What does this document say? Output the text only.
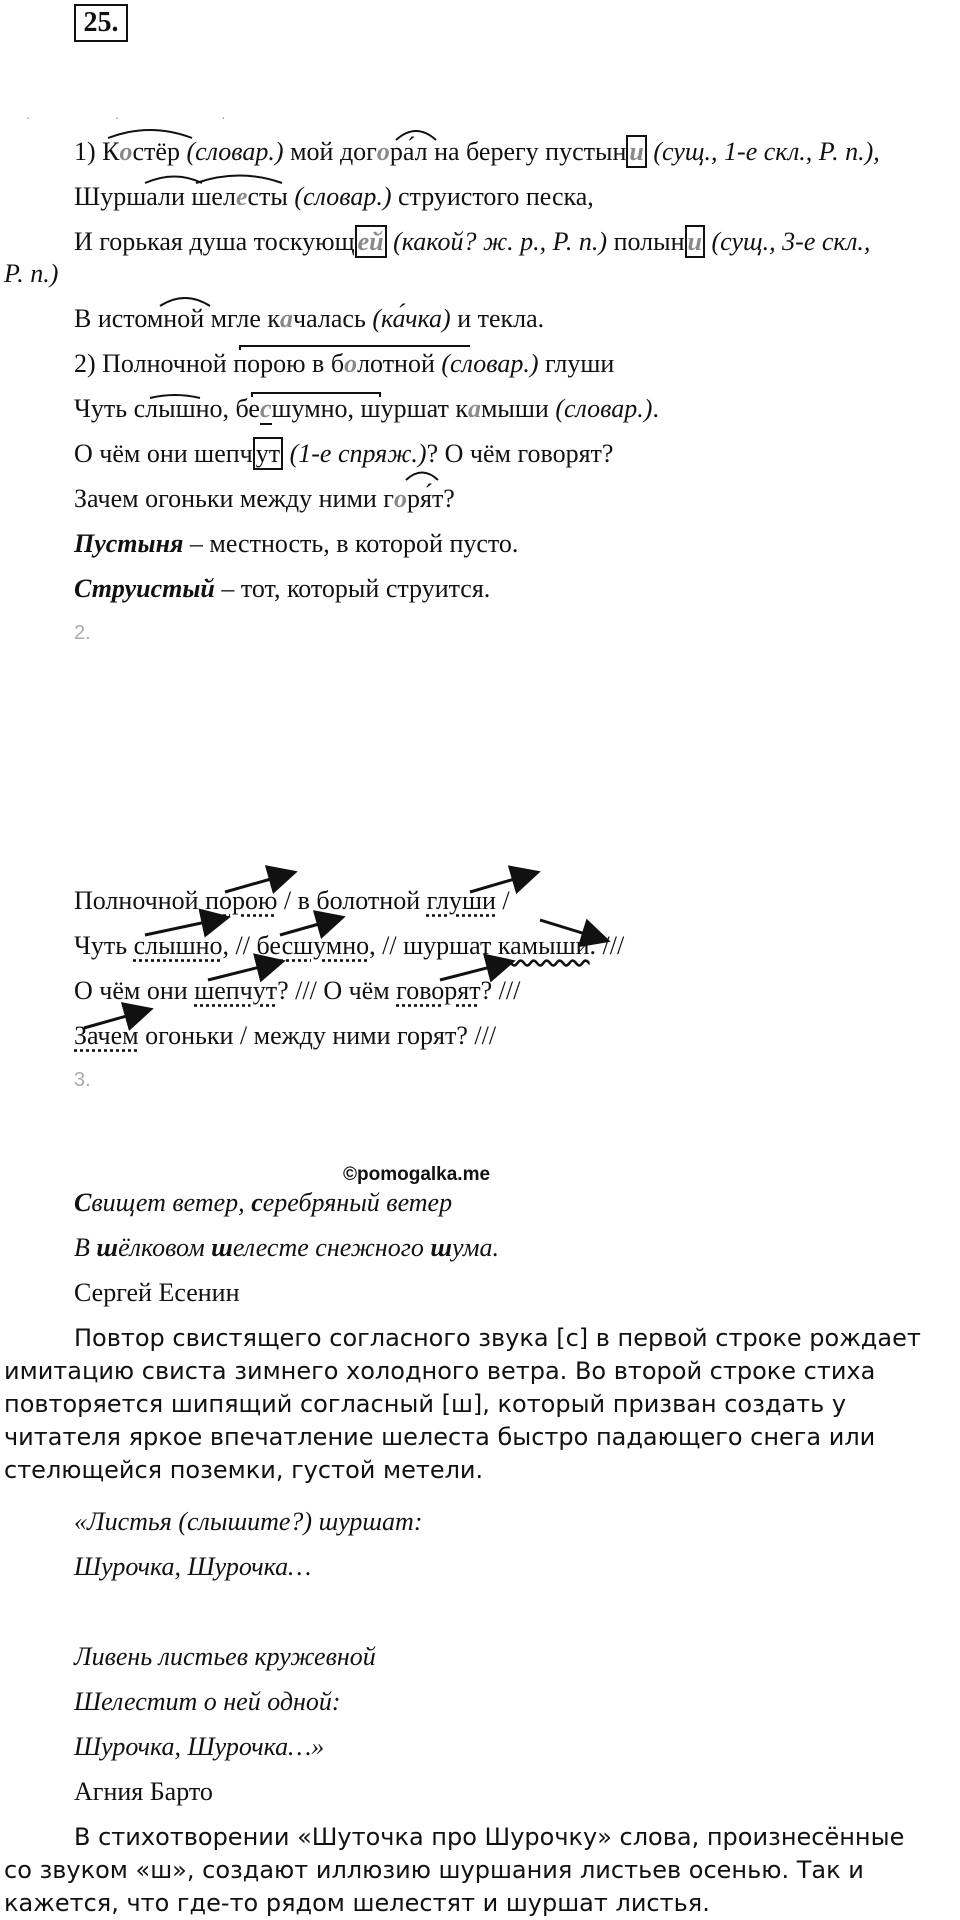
25.
·                        ·                             ·
1) Костёр (словар.) мой догора́л на берегу пустын и (сущ., 1-е скл., Р. п.),
Шуршали шелесты (словар.) струистого песка,
И горькая душа тоскующ ей (какой? ж. р., Р. п.) полын и (сущ., 3-е скл.,
Р. п.)
В истомной мгле качалась (ка́чка) и текла.
2) Полночной порою в болотной (словар.) глуши
Чуть слышно, бесшумно, шуршат камыши (словар.).
О чём они шепч ут (1-е спряж.)? О чём говорят?
Зачем огоньки между ними горя́т?
Пустыня – местность, в которой пусто.
Струистый – тот, который струится.
2.
Полночной порою / в болотной глуши /
Чуть слышно, // бесшумно, // шуршат камыши. ///
О чём они шепчут? /// О чём говорят? ///
Зачем огоньки / между ними горят? ///
3.
©pomogalka.me
Свищет ветер, серебряный ветер
В шёлковом шелесте снежного шума.
Сергей Есенин
Повтор свистящего согласного звука [с] в первой строке рождает имитацию свиста зимнего холодного ветра. Во второй строке стиха повторяется шипящий согласный [ш], который призван создать у читателя яркое впечатление шелеста быстро падающего снега или стелющейся поземки, густой метели.
«Листья (слышите?) шуршат:
Шурочка, Шурочка…
Ливень листьев кружевной
Шелестит о ней одной:
Шурочка, Шурочка…»
Агния Барто
В стихотворении «Шуточка про Шурочку» слова, произнесённые со звуком «ш», создают иллюзию шуршания листьев осенью. Так и кажется, что где-то рядом шелестят и шуршат листья.
